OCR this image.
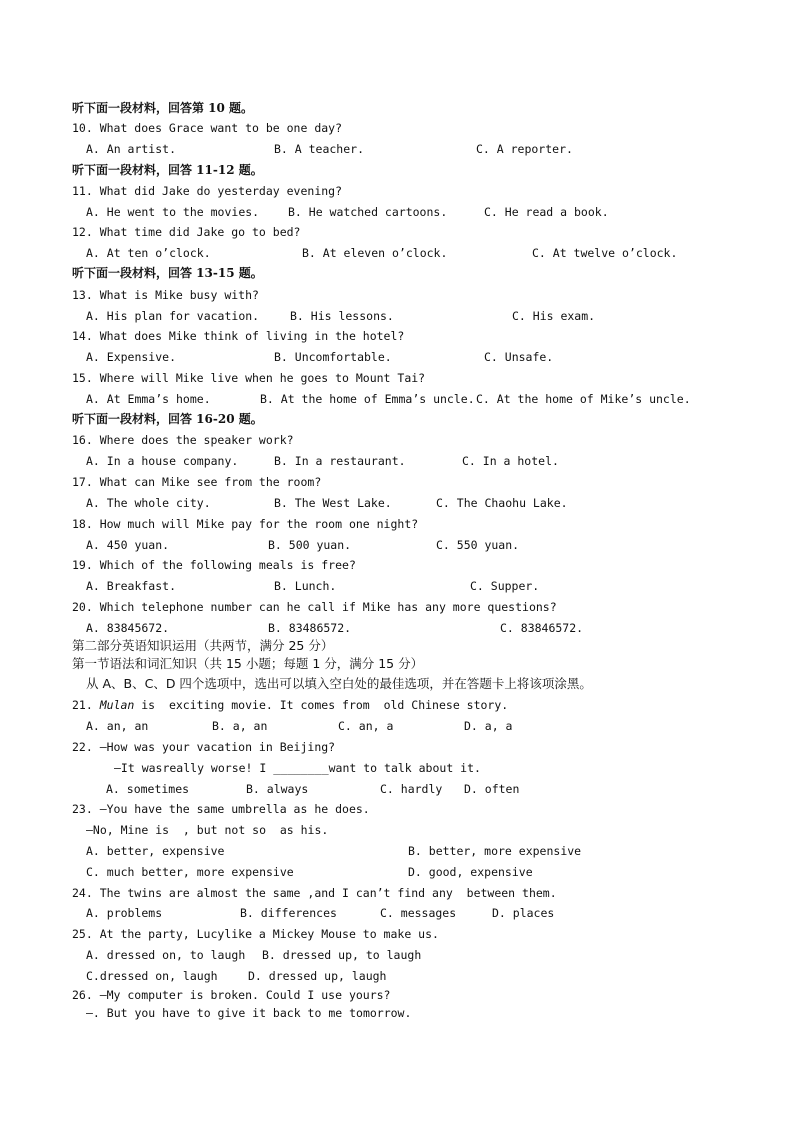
听下面一段材料，回答第 10 题。
10. What does Grace want to be one day?
A. An artist.	B. A teacher.	C. A reporter.
听下面一段材料，回答 11-12 题。
11. What did Jake do yesterday evening?
A. He went to the movies.	B. He watched cartoons.	C. He read a book.
12. What time did Jake go to bed?
A. At ten o’clock.	B. At eleven o’clock.	C. At twelve o’clock.
听下面一段材料，回答 13-15 题。
13. What is Mike busy with?
A. His plan for vacation.	B. His lessons.	C. His exam.
14. What does Mike think of living in the hotel?
A. Expensive.	B. Uncomfortable.	C. Unsafe.
15. Where will Mike live when he goes to Mount Tai?
A. At Emma’s home.	B. At the home of Emma’s uncle. C. At the home of Mike’s uncle.
听下面一段材料，回答 16-20 题。
16. Where does the speaker work?
A. In a house company.	B. In a restaurant.	C. In a hotel.
17. What can Mike see from the room?
A. The whole city.	B. The West Lake.	C. The Chaohu Lake.
18. How much will Mike pay for the room one night?
A. 450 yuan.	B. 500 yuan.	C. 550 yuan.
19. Which of the following meals is free?
A. Breakfast.	B. Lunch.	C. Supper.
20. Which telephone number can he call if Mike has any more questions?
A. 83845672.	B. 83486572.	C. 83846572.
第二部分英语知识运用（共两节，满分 25 分）
第一节语法和词汇知识（共 15 小题；每题 1 分，满分 15 分）
从 A、B、C、D 四个选项中，选出可以填入空白处的最佳选项，并在答题卡上将该项涂黑。
21. Mulan is  exciting movie. It comes from  old Chinese story.
A. an, an	B. a, an	C. an, a	D. a, a
22. —How was your vacation in Beijing?
—It wasreally worse! I ________want to talk about it.
A. sometimes	B. always	C. hardly D. often
23. —You have the same umbrella as he does.
—No, Mine is  , but not so  as his.
A. better, expensive	B. better, more expensive
C. much better, more expensive	D. good, expensive
24. The twins are almost the same ,and I can’t find any  between them.
A. problems	B. differences	C. messages	D. places
25. At the party, Lucylike a Mickey Mouse to make us.
A. dressed on, to laugh B. dressed up, to laugh
C.dressed on, laugh	D. dressed up, laugh
26. —My computer is broken. Could I use yours?
—. But you have to give it back to me tomorrow.
